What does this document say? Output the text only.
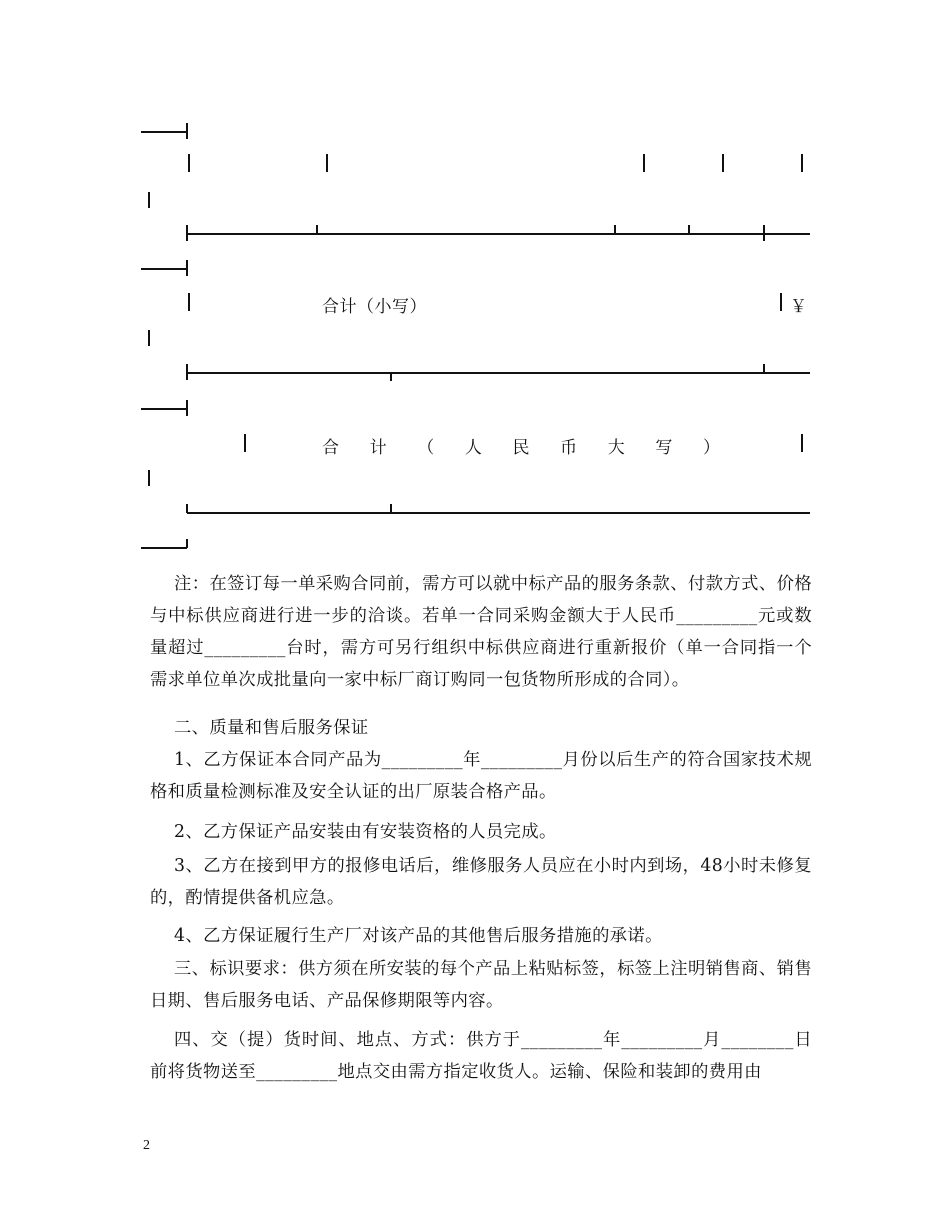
合计（小写）	￥
合 计 （ 人 民 币 大 写 ）
注：在签订每一单采购合同前，需方可以就中标产品的服务条款、付款方式、价格与中标供应商进行进一步的洽谈。若单一合同采购金额大于人民币_________元或数量超过_________台时，需方可另行组织中标供应商进行重新报价（单一合同指一个需求单位单次成批量向一家中标厂商订购同一包货物所形成的合同）。
二、质量和售后服务保证
1、乙方保证本合同产品为_________年_________月份以后生产的符合国家技术规格和质量检测标准及安全认证的出厂原装合格产品。
2、乙方保证产品安装由有安装资格的人员完成。
3、乙方在接到甲方的报修电话后，维修服务人员应在小时内到场，48小时未修复的，酌情提供备机应急。
4、乙方保证履行生产厂对该产品的其他售后服务措施的承诺。
三、标识要求：供方须在所安装的每个产品上粘贴标签，标签上注明销售商、销售日期、售后服务电话、产品保修期限等内容。
四、交（提）货时间、地点、方式：供方于_________年_________月________日前将货物送至_________地点交由需方指定收货人。运输、保险和装卸的费用由
2
